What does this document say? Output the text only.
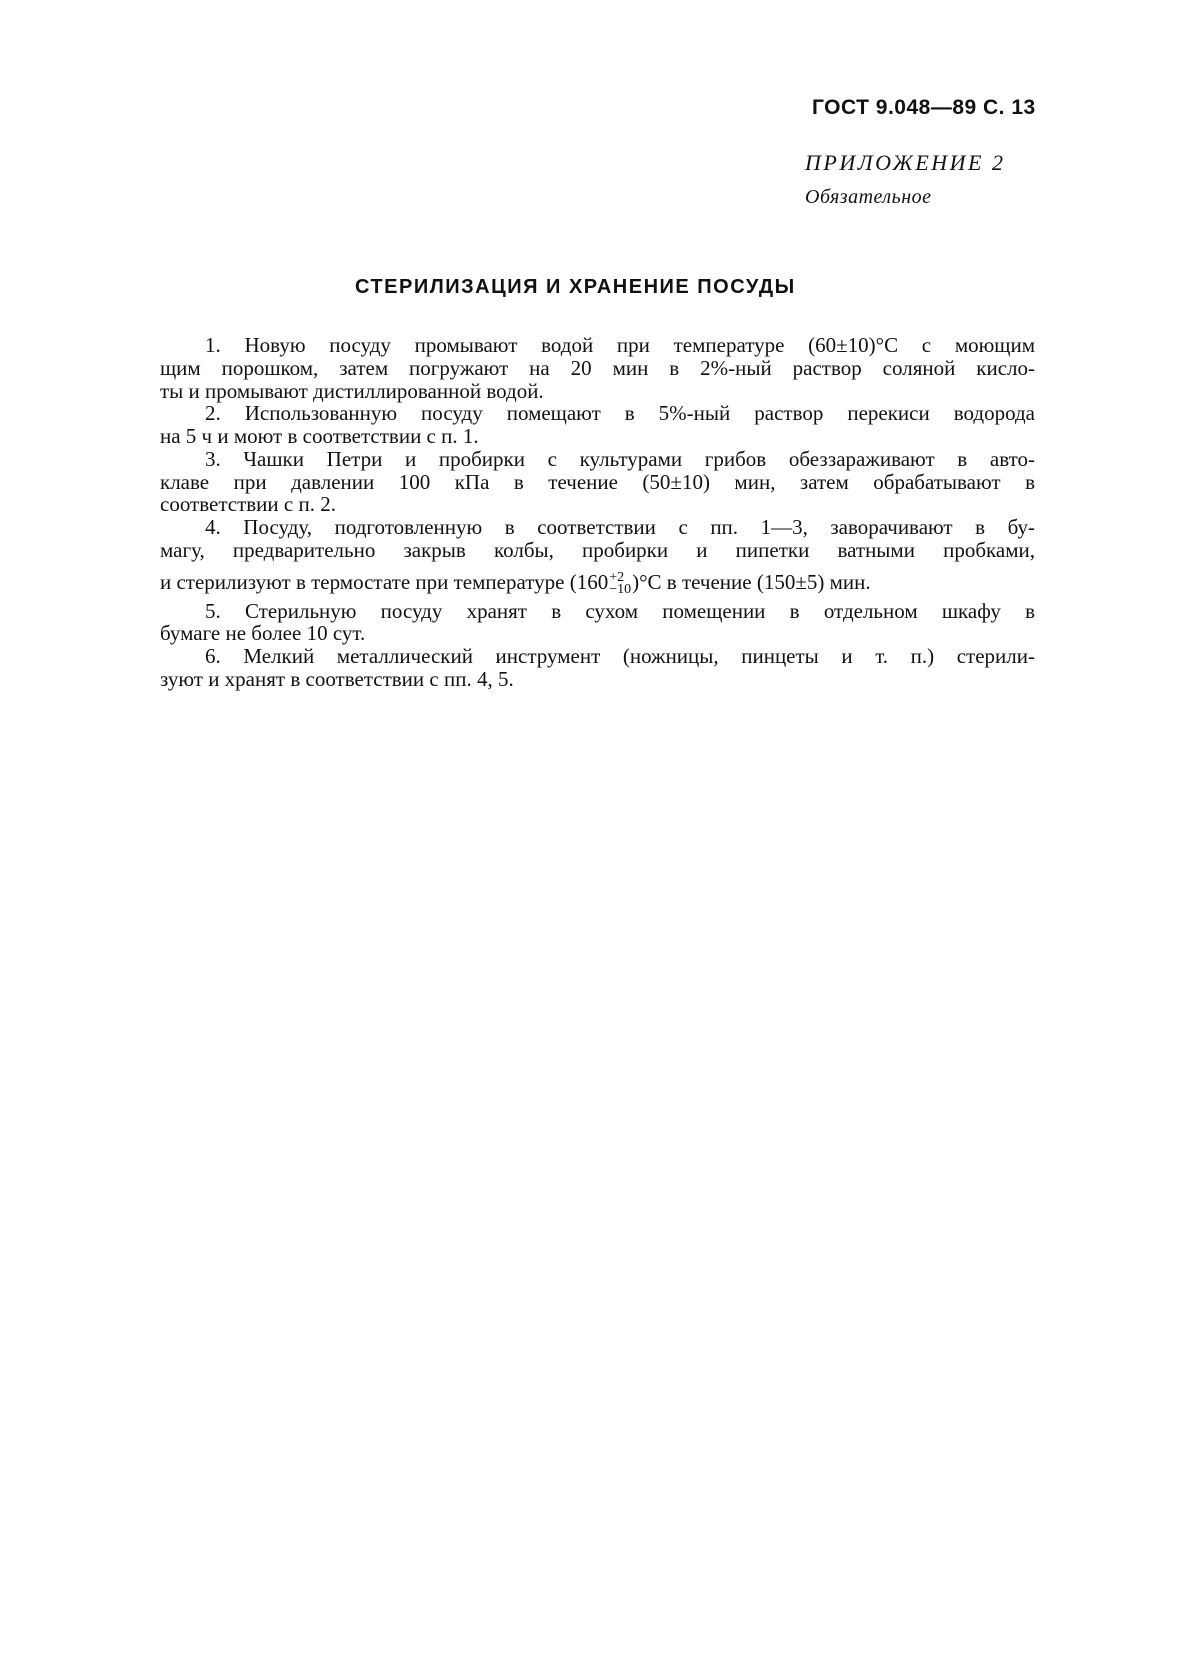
ГОСТ 9.048—89 С. 13
ПРИЛОЖЕНИЕ 2
Обязательное
СТЕРИЛИЗАЦИЯ И ХРАНЕНИЕ ПОСУДЫ
1. Новую посуду промывают водой при температуре (60±10)°С с моющим
щим порошком, затем погружают на 20 мин в 2%-ный раствор соляной кисло-
ты и промывают дистиллированной водой.
2. Использованную посуду помещают в 5%-ный раствор перекиси водорода
на 5 ч и моют в соответствии с п. 1.
3. Чашки Петри и пробирки с культурами грибов обеззараживают в авто-
клаве при давлении 100 кПа в течение (50±10) мин, затем обрабатывают в
соответствии с п. 2.
4. Посуду, подготовленную в соответствии с пп. 1—3, заворачивают в бу-
магу, предварительно закрыв колбы, пробирки и пипетки ватными пробками,
и стерилизуют в термостате при температуре (160 +2
−10 )°С в течение (150±5) мин.
5. Стерильную посуду хранят в сухом помещении в отдельном шкафу в
бумаге не более 10 сут.
6. Мелкий металлический инструмент (ножницы, пинцеты и т. п.) стерили-
зуют и хранят в соответствии с пп. 4, 5.
